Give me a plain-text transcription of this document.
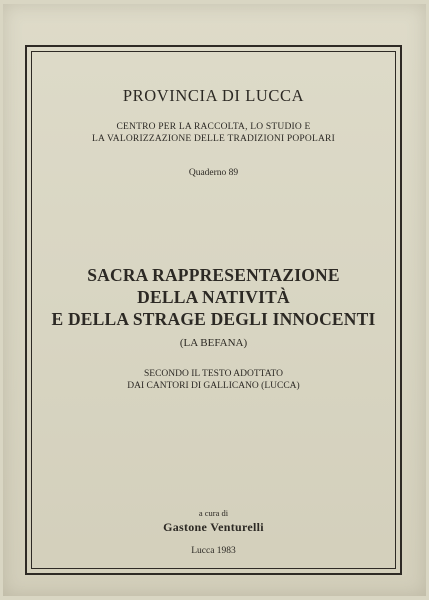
PROVINCIA DI LUCCA
CENTRO PER LA RACCOLTA, LO STUDIO E
LA VALORIZZAZIONE DELLE TRADIZIONI POPOLARI
Quaderno 89
SACRA RAPPRESENTAZIONE
DELLA NATIVITÀ
E DELLA STRAGE DEGLI INNOCENTI
(LA BEFANA)
SECONDO IL TESTO ADOTTATO
DAI CANTORI DI GALLICANO (LUCCA)
a cura di
Gastone Venturelli
Lucca 1983
